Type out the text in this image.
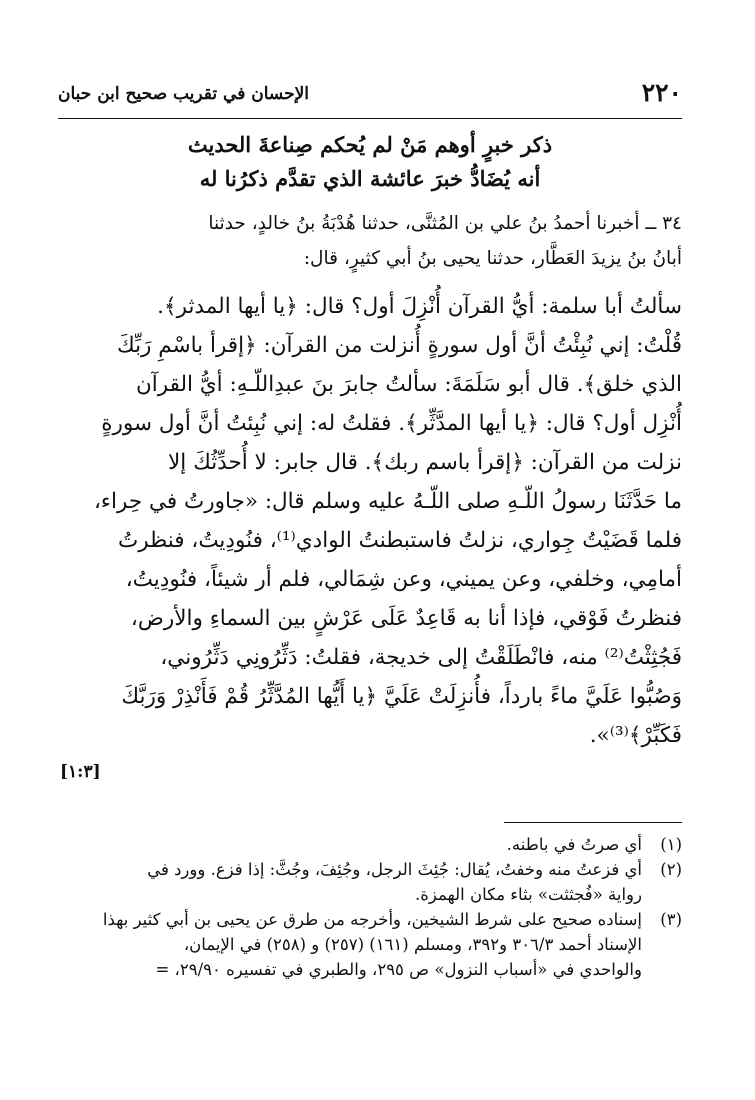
٢٢٠
الإحسان في تقريب صحيح ابن حبان
ذكر خبرٍ أوهم مَنْ لم يُحكم صِناعةَ الحديث
أنه يُضَادُّ خبرَ عائشة الذي تقدَّم ذكرُنا له
٣٤ ــ أخبرنا أحمدُ بنُ علي بن المُثنَّى، حدثنا هُدْبَةُ بنُ خالدٍ، حدثنا
أبانُ بنُ يزيدَ العَطَّار، حدثنا يحيى بنُ أبي كثيرٍ، قال:
سألتُ أبا سلمة: أيُّ القرآن أُنْزِلَ أول؟ قال: ﴿يا أيها المدثر﴾.
قُلْتُ: إني نُبِئْتُ أنَّ أول سورةٍ أُنزلت من القرآن: ﴿إقرأ باسْمِ رَبِّكَ
الذي خلق﴾. قال أبو سَلَمَةَ: سألتُ جابرَ بنَ عبدِاللّـهِ: أيُّ القرآن
أُنْزِل أول؟ قال: ﴿يا أيها المدَّثِّر﴾. فقلتُ له: إني نُبِئتُ أنَّ أول سورةٍ
نزلت من القرآن: ﴿إقرأ باسم ربك﴾. قال جابر: لا أُحدِّثُكَ إلا
ما حَدَّثَنَا رسولُ اللّـهِ صلى اللّـهُ عليه وسلم قال: «جاورتُ في حِراء،
فلما قَضَيْتُ جِواري، نزلتُ فاستبطنتُ الوادي⁽¹⁾، فنُودِيتُ، فنظرتُ
أمامِي، وخلفي، وعن يميني، وعن شِمَالي، فلم أر شيئاً، فنُودِيتُ،
فنظرتُ فَوْقي، فإذا أنا به قَاعِدٌ عَلَى عَرْشٍ بين السماءِ والأرض،
فَجُثِثْتُ⁽²⁾ منه، فانْطَلَقْتُ إلى خديجة، فقلتُ: دَثِّرُونِي دَثِّرُوني،
وَصُبُّوا عَلَيَّ ماءً بارداً، فأُنزِلَتْ عَلَيَّ ﴿يا أَيُّها المُدَّثِّرُ قُمْ فَأَنْذِرْ وَرَبَّكَ
فَكَبِّرْ﴾⁽³⁾».
[١:٣]
(١)أي صرتُ في باطنه.
(٢)أي فزعتُ منه وخفتُ، يُقال: جُئِثَ الرجل، وجُئِفَ، وجُثَّ: إذا فزع. وورد في
رواية «فُجثثت» بثاء مكان الهمزة.
(٣)إسناده صحيح على شرط الشيخين، وأخرجه من طرق عن يحيى بن أبي كثير بهذا
الإسناد أحمد ٣٠٦/٣ و٣٩٢، ومسلم (١٦١) (٢٥٧) و (٢٥٨) في الإيمان،
والواحدي في «أسباب النزول» ص ٢٩٥، والطبري في تفسيره ٢٩/٩٠، =
